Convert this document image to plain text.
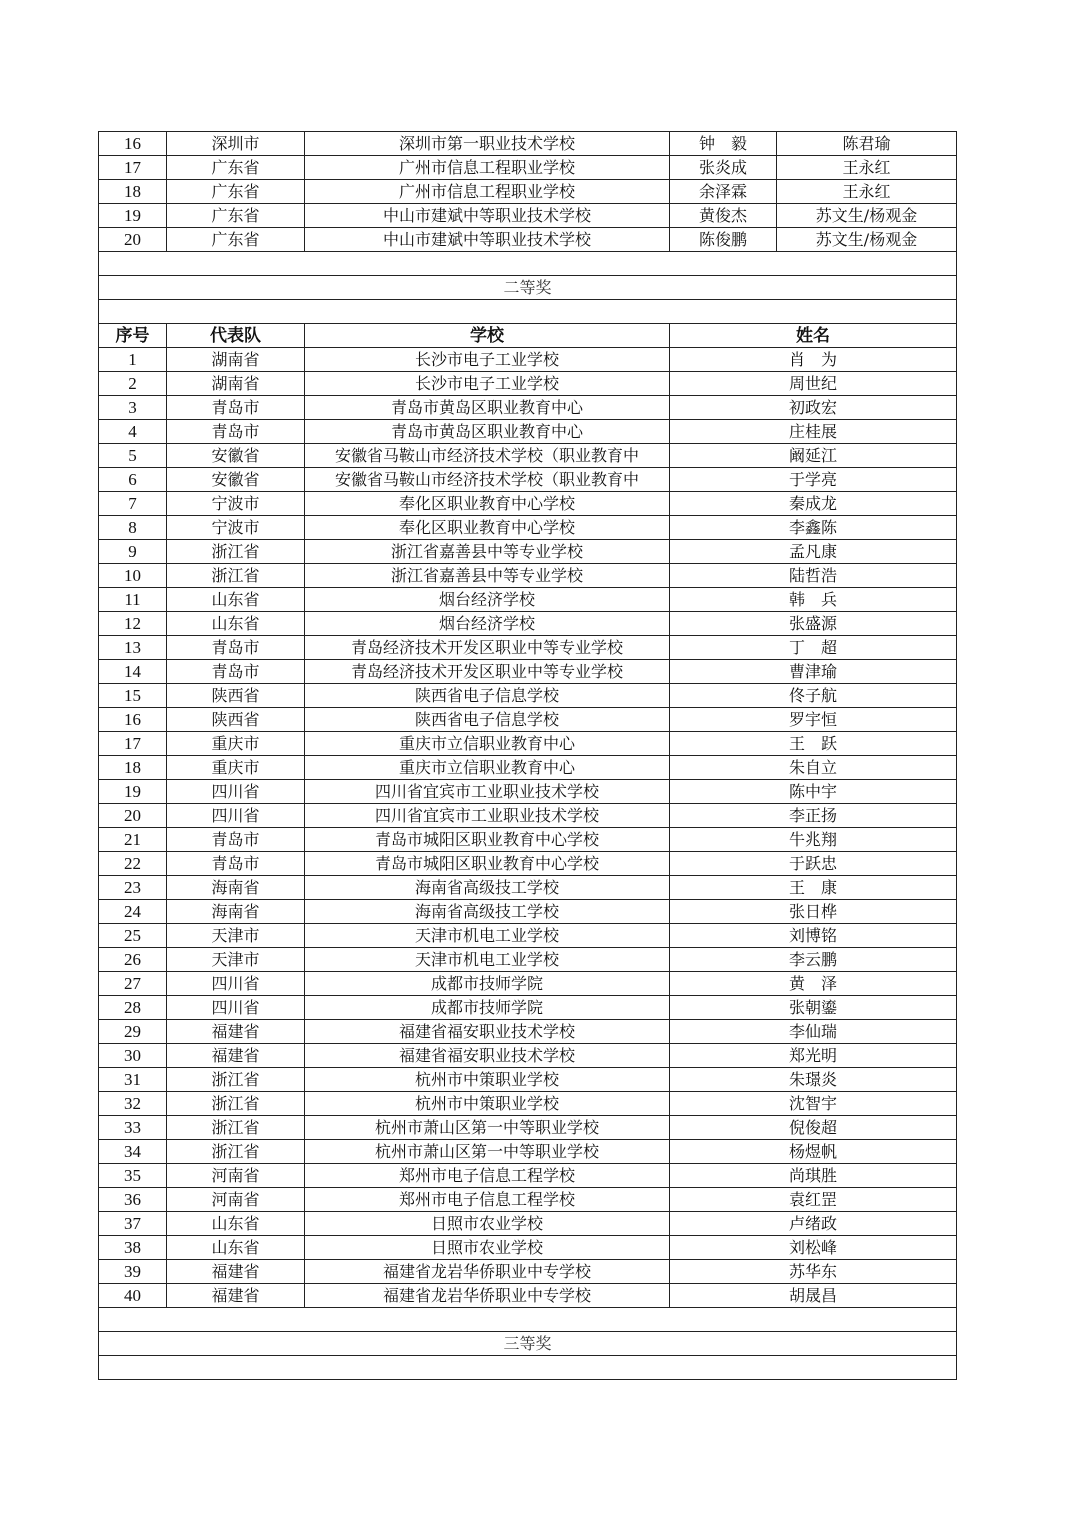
16	深圳市	深圳市第一职业技术学校	钟　毅	陈君瑜
17	广东省	广州市信息工程职业学校	张炎成	王永红
18	广东省	广州市信息工程职业学校	余泽霖	王永红
19	广东省	中山市建斌中等职业技术学校	黄俊杰	苏文生/杨观金
20	广东省	中山市建斌中等职业技术学校	陈俊鹏	苏文生/杨观金

二等奖				

序号	代表队	学校	姓名	
1	湖南省	长沙市电子工业学校	肖　为	
2	湖南省	长沙市电子工业学校	周世纪	
3	青岛市	青岛市黄岛区职业教育中心	初政宏	
4	青岛市	青岛市黄岛区职业教育中心	庄桂展	
5	安徽省	安徽省马鞍山市经济技术学校（职业教育中	阚延江	
6	安徽省	安徽省马鞍山市经济技术学校（职业教育中	于学亮	
7	宁波市	奉化区职业教育中心学校	秦成龙	
8	宁波市	奉化区职业教育中心学校	李鑫陈	
9	浙江省	浙江省嘉善县中等专业学校	孟凡康	
10	浙江省	浙江省嘉善县中等专业学校	陆哲浩	
11	山东省	烟台经济学校	韩　兵	
12	山东省	烟台经济学校	张盛源	
13	青岛市	青岛经济技术开发区职业中等专业学校	丁　超	
14	青岛市	青岛经济技术开发区职业中等专业学校	曹津瑜	
15	陕西省	陕西省电子信息学校	佟子航	
16	陕西省	陕西省电子信息学校	罗宇恒	
17	重庆市	重庆市立信职业教育中心	王　跃	
18	重庆市	重庆市立信职业教育中心	朱自立	
19	四川省	四川省宜宾市工业职业技术学校	陈中宇	
20	四川省	四川省宜宾市工业职业技术学校	李正扬	
21	青岛市	青岛市城阳区职业教育中心学校	牛兆翔	
22	青岛市	青岛市城阳区职业教育中心学校	于跃忠	
23	海南省	海南省高级技工学校	王　康	
24	海南省	海南省高级技工学校	张日桦	
25	天津市	天津市机电工业学校	刘博铭	
26	天津市	天津市机电工业学校	李云鹏	
27	四川省	成都市技师学院	黄　泽	
28	四川省	成都市技师学院	张朝鎏	
29	福建省	福建省福安职业技术学校	李仙瑞	
30	福建省	福建省福安职业技术学校	郑光明	
31	浙江省	杭州市中策职业学校	朱璟炎	
32	浙江省	杭州市中策职业学校	沈智宇	
33	浙江省	杭州市萧山区第一中等职业学校	倪俊超	
34	浙江省	杭州市萧山区第一中等职业学校	杨煜帆	
35	河南省	郑州市电子信息工程学校	尚琪胜	
36	河南省	郑州市电子信息工程学校	袁红罡	
37	山东省	日照市农业学校	卢绪政	
38	山东省	日照市农业学校	刘松峰	
39	福建省	福建省龙岩华侨职业中专学校	苏华东	
40	福建省	福建省龙岩华侨职业中专学校	胡晟昌	

三等奖				
